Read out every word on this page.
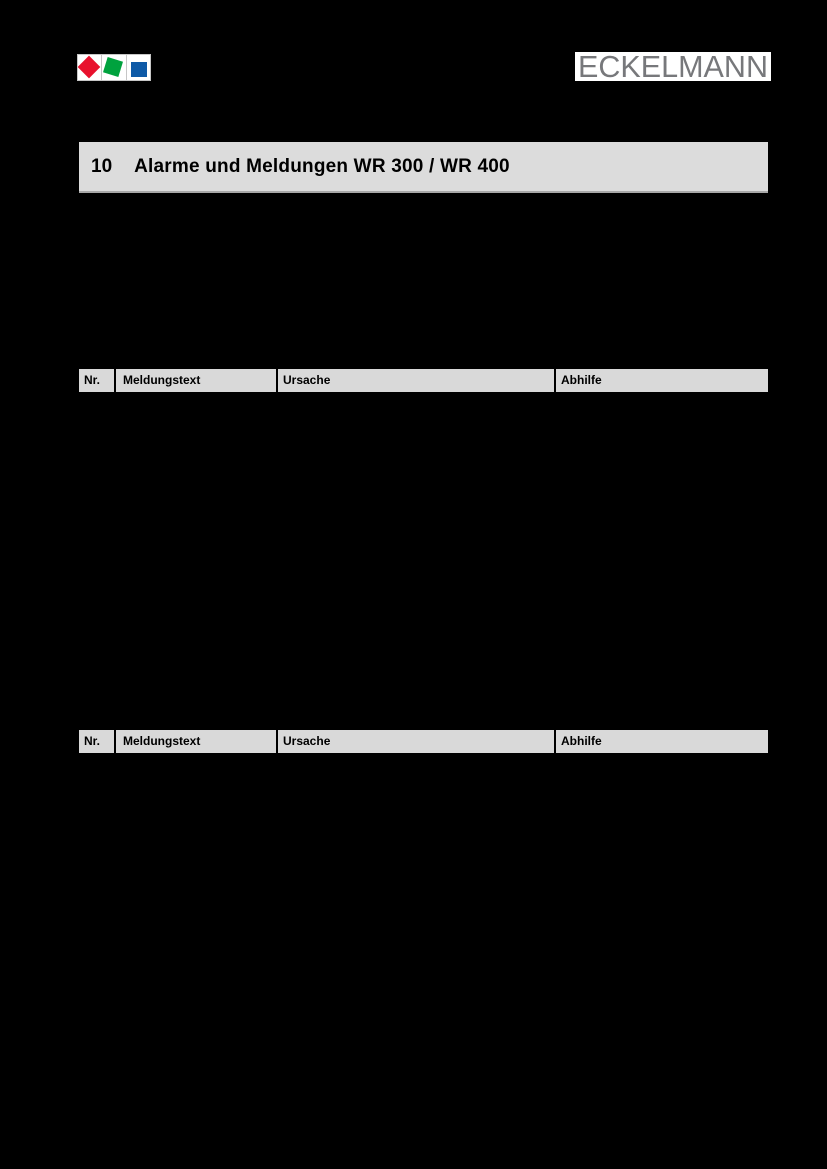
ECKELMANN
10 Alarme und Meldungen WR 300 / WR 400
Nr.	Meldungstext	Ursache	Abhilfe
Nr.	Meldungstext	Ursache	Abhilfe
